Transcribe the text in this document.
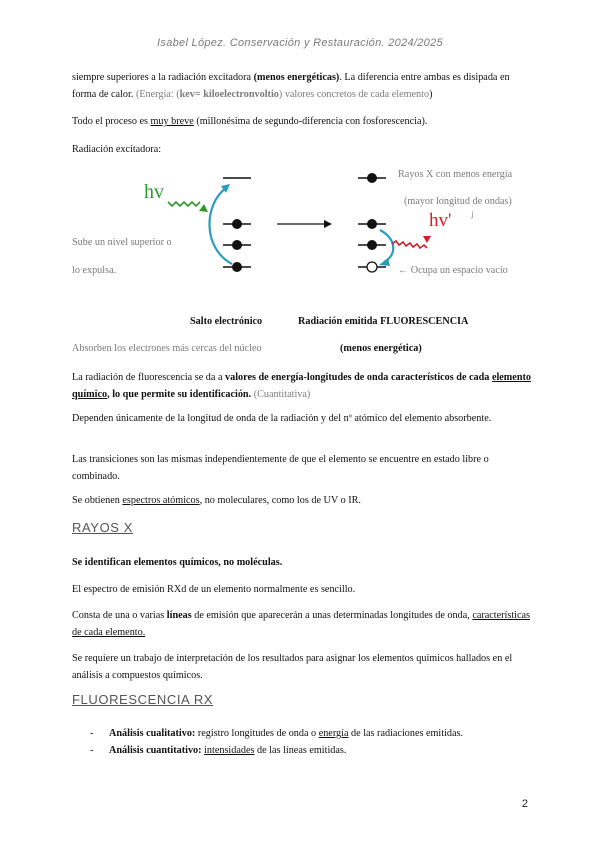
Isabel López. Conservación y Restauración. 2024/2025
siempre superiores a la radiación excitadora (menos energéticas). La diferencia entre ambas es disipada en forma de calor. (Energía: (kev= kiloelectronvoltio) valores concretos de cada elemento)
Todo el proceso es muy breve (millonésima de segundo-diferencia con fosforescencia).
Radiación excitadora:
hv
hv' ˩
Rayos X con menos energía
(mayor longitud de ondas)
Sube un nivel superior o
lo expulsa.	← Ocupa un espacio vacío
Salto electrónico	Radiación emitida FLUORESCENCIA
Absorben los electrones más cercas del núcleo	(menos energética)
La radiación de fluorescencia se da a valores de energía-longitudes de onda característicos de cada elemento químico, lo que permite su identificación. (Cuantitativa)
Dependen únicamente de la longitud de onda de la radiación y del nº atómico del elemento absorbente.
Las transiciones son las mismas independientemente de que el elemento se encuentre en estado libre o combinado.
Se obtienen espectros atómicos, no moleculares, como los de UV o IR.
RAYOS X
Se identifican elementos químicos, no moléculas.
El espectro de emisión RXd de un elemento normalmente es sencillo.
Consta de una o varias líneas de emisión que aparecerán a unas determinadas longitudes de onda, características de cada elemento.
Se requiere un trabajo de interpretación de los resultados para asignar los elementos químicos hallados en el análisis a compuestos químicos.
FLUORESCENCIA RX
- Análisis cualitativo: registro longitudes de onda o energía de las radiaciones emitidas.
- Análisis cuantitativo: intensidades de las líneas emitidas.
2
